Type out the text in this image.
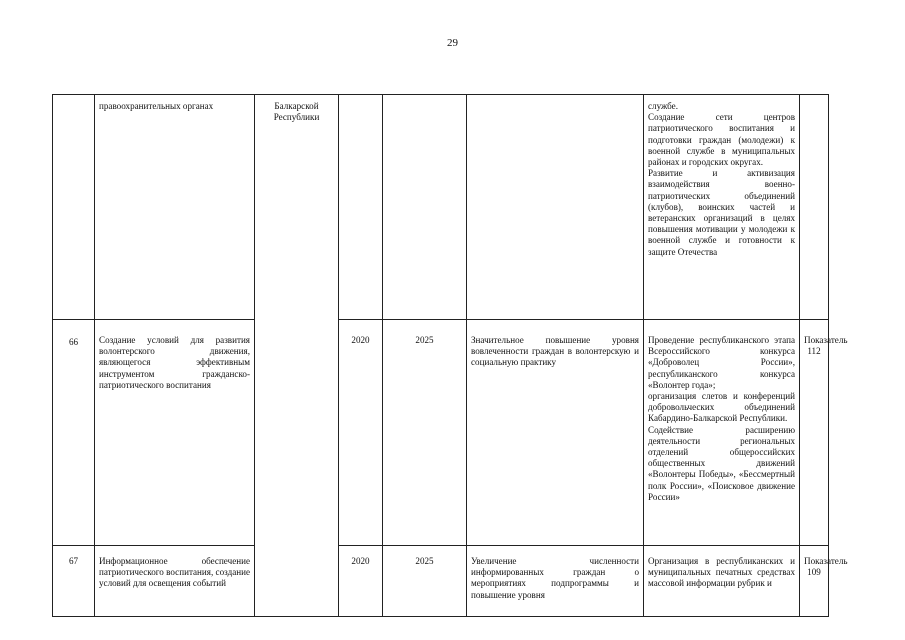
29
	правоохранительных органах	Балкарской Республики				службе.
Создание сети центров патриотического воспитания и подготовки граждан (молодежи) к военной службе в муниципальных районах и городских округах.
Развитие и активизация взаимодействия военно-патриотических объединений (клубов), воинских частей и ветеранских организаций в целях повышения мотивации у молодежи к военной службе и готовности к защите Отечества	

66	Создание условий для развития волонтерского движения, являющегося эффективным инструментом гражданско-патриотического воспитания		2020	2025	Значительное повышение уровня вовлеченности граждан в волонтерскую и социальную практику	Проведение республиканского этапа Всероссийского конкурса «Доброволец России», республиканского конкурса «Волонтер года»;
организация слетов и конференций добровольческих объединений Кабардино-Балкарской Республики.
Содействие расширению деятельности региональных отделений общероссийских общественных движений «Волонтеры Победы», «Бессмертный полк России», «Поисковое движение России»	Показатель 112
67	Информационное обеспечение патриотического воспитания, создание условий для освещения событий		2020	2025	Увеличение численности информированных граждан о мероприятиях подпрограммы и повышение уровня	Организация в республиканских и муниципальных печатных средствах массовой информации рубрик и	Показатель 109
